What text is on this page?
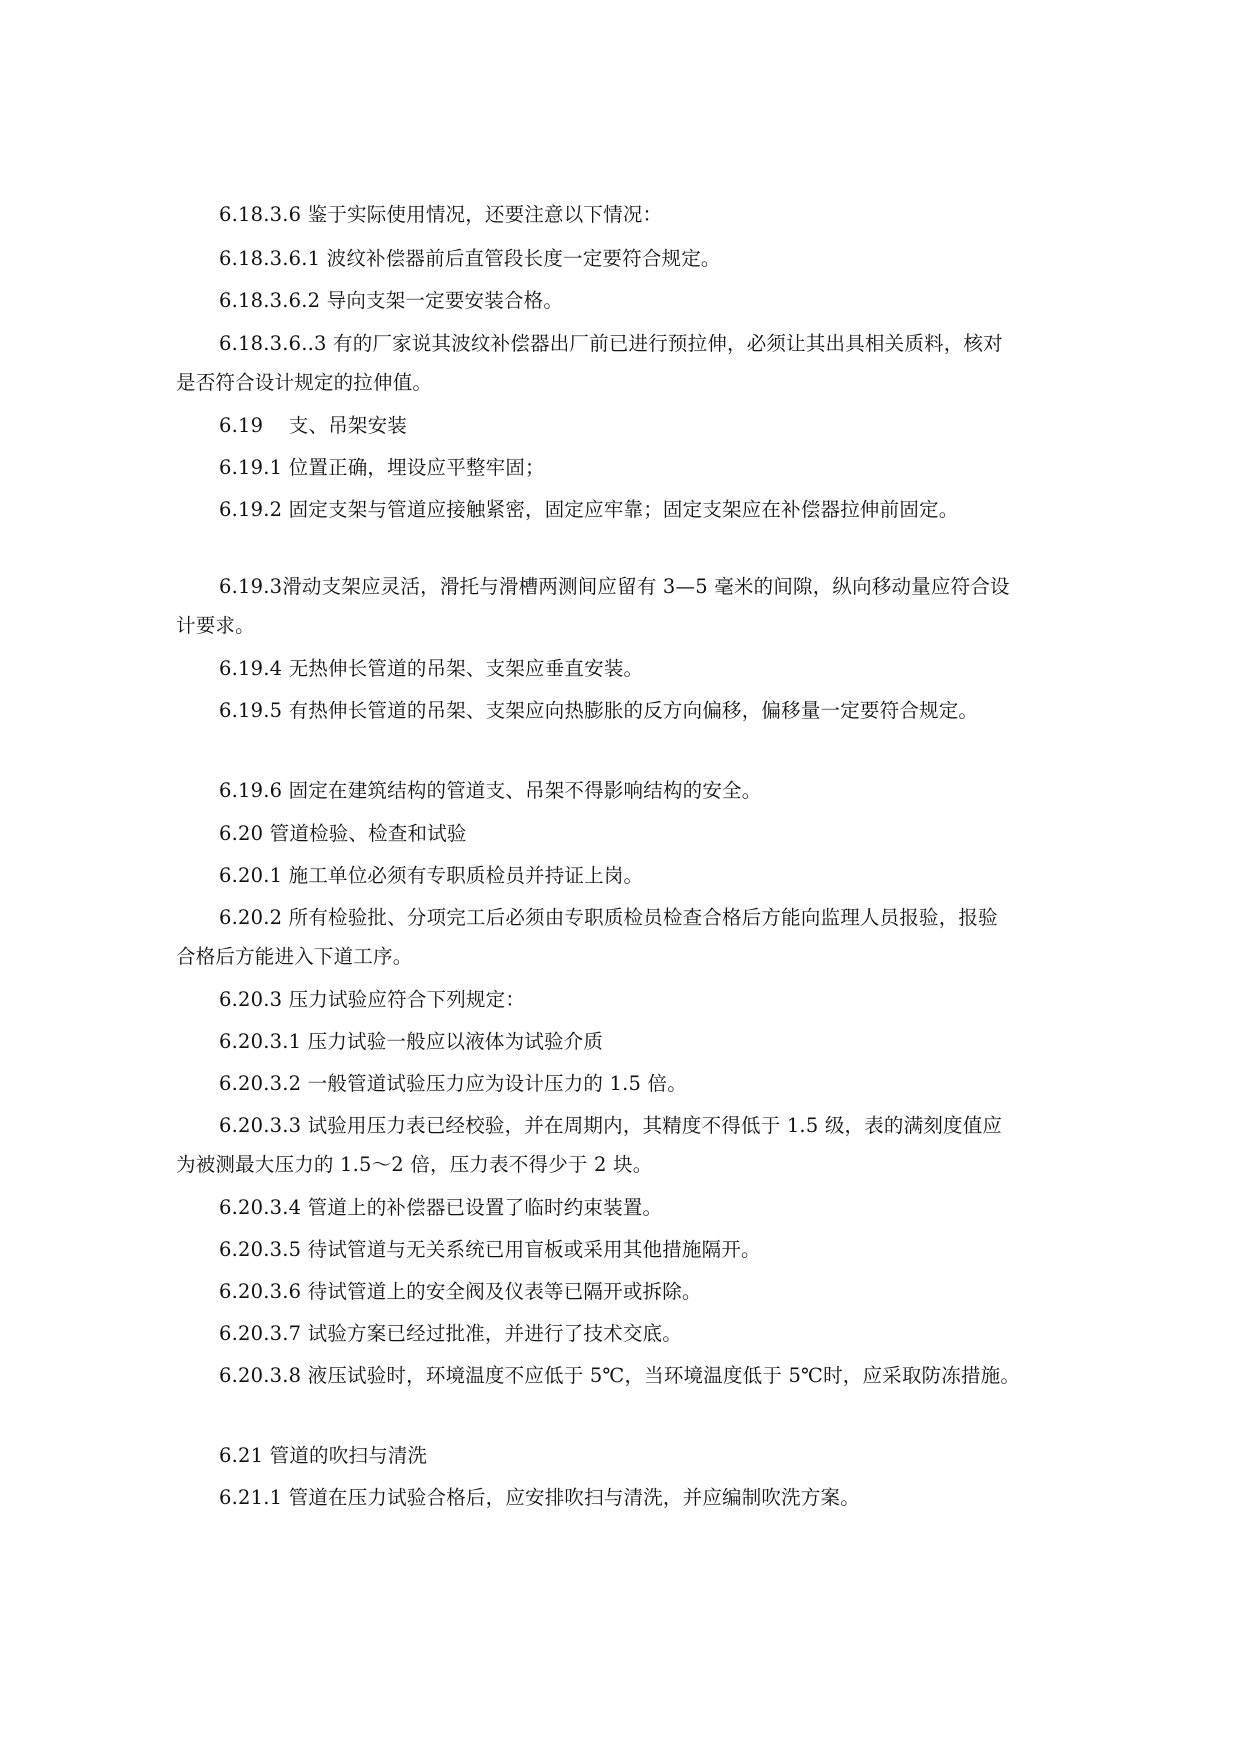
6.18.3.6 鉴于实际使用情况，还要注意以下情况：

6.18.3.6.1 波纹补偿器前后直管段长度一定要符合规定。

6.18.3.6.2 导向支架一定要安装合格。

6.18.3.6..3 有的厂家说其波纹补偿器出厂前已进行预拉伸，必须让其出具相关质料，核对
是否符合设计规定的拉伸值。

6.19    支、吊架安装

6.19.1 位置正确，埋设应平整牢固；

6.19.2 固定支架与管道应接触紧密，固定应牢靠；固定支架应在补偿器拉伸前固定。

6.19.3滑动支架应灵活，滑托与滑槽两测间应留有 3—5 毫米的间隙，纵向移动量应符合设
计要求。

6.19.4 无热伸长管道的吊架、支架应垂直安装。

6.19.5 有热伸长管道的吊架、支架应向热膨胀的反方向偏移，偏移量一定要符合规定。

6.19.6 固定在建筑结构的管道支、吊架不得影响结构的安全。

6.20 管道检验、检查和试验

6.20.1 施工单位必须有专职质检员并持证上岗。

6.20.2 所有检验批、分项完工后必须由专职质检员检查合格后方能向监理人员报验，报验
合格后方能进入下道工序。

6.20.3 压力试验应符合下列规定：

6.20.3.1 压力试验一般应以液体为试验介质

6.20.3.2 一般管道试验压力应为设计压力的 1.5 倍。

6.20.3.3 试验用压力表已经校验，并在周期内，其精度不得低于 1.5 级，表的满刻度值应
为被测最大压力的 1.5～2 倍，压力表不得少于 2 块。

6.20.3.4 管道上的补偿器已设置了临时约束装置。

6.20.3.5 待试管道与无关系统已用盲板或采用其他措施隔开。

6.20.3.6 待试管道上的安全阀及仪表等已隔开或拆除。

6.20.3.7 试验方案已经过批准，并进行了技术交底。

6.20.3.8 液压试验时，环境温度不应低于 5℃，当环境温度低于 5℃时，应采取防冻措施。

6.21 管道的吹扫与清洗

6.21.1 管道在压力试验合格后，应安排吹扫与清洗，并应编制吹洗方案。
